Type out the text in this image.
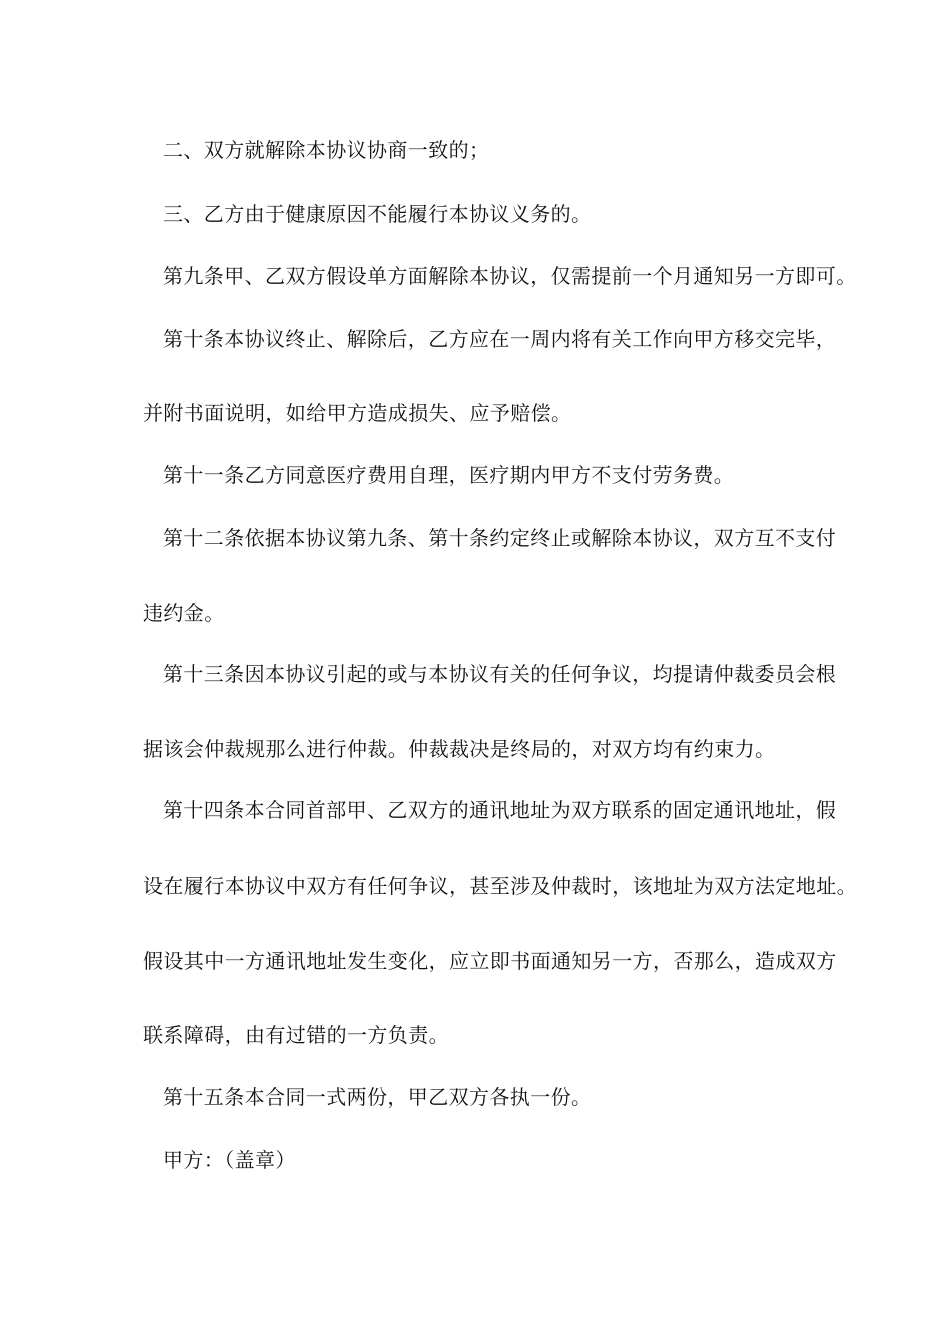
二、双方就解除本协议协商一致的；
三、乙方由于健康原因不能履行本协议义务的。
第九条甲、乙双方假设单方面解除本协议，仅需提前一个月通知另一方即可。
第十条本协议终止、解除后，乙方应在一周内将有关工作向甲方移交完毕，
并附书面说明，如给甲方造成损失、应予赔偿。
第十一条乙方同意医疗费用自理，医疗期内甲方不支付劳务费。
第十二条依据本协议第九条、第十条约定终止或解除本协议，双方互不支付
违约金。
第十三条因本协议引起的或与本协议有关的任何争议，均提请仲裁委员会根
据该会仲裁规那么进行仲裁。仲裁裁决是终局的，对双方均有约束力。
第十四条本合同首部甲、乙双方的通讯地址为双方联系的固定通讯地址，假
设在履行本协议中双方有任何争议，甚至涉及仲裁时，该地址为双方法定地址。
假设其中一方通讯地址发生变化，应立即书面通知另一方，否那么，造成双方
联系障碍，由有过错的一方负责。
第十五条本合同一式两份，甲乙双方各执一份。
甲方：（盖章）
